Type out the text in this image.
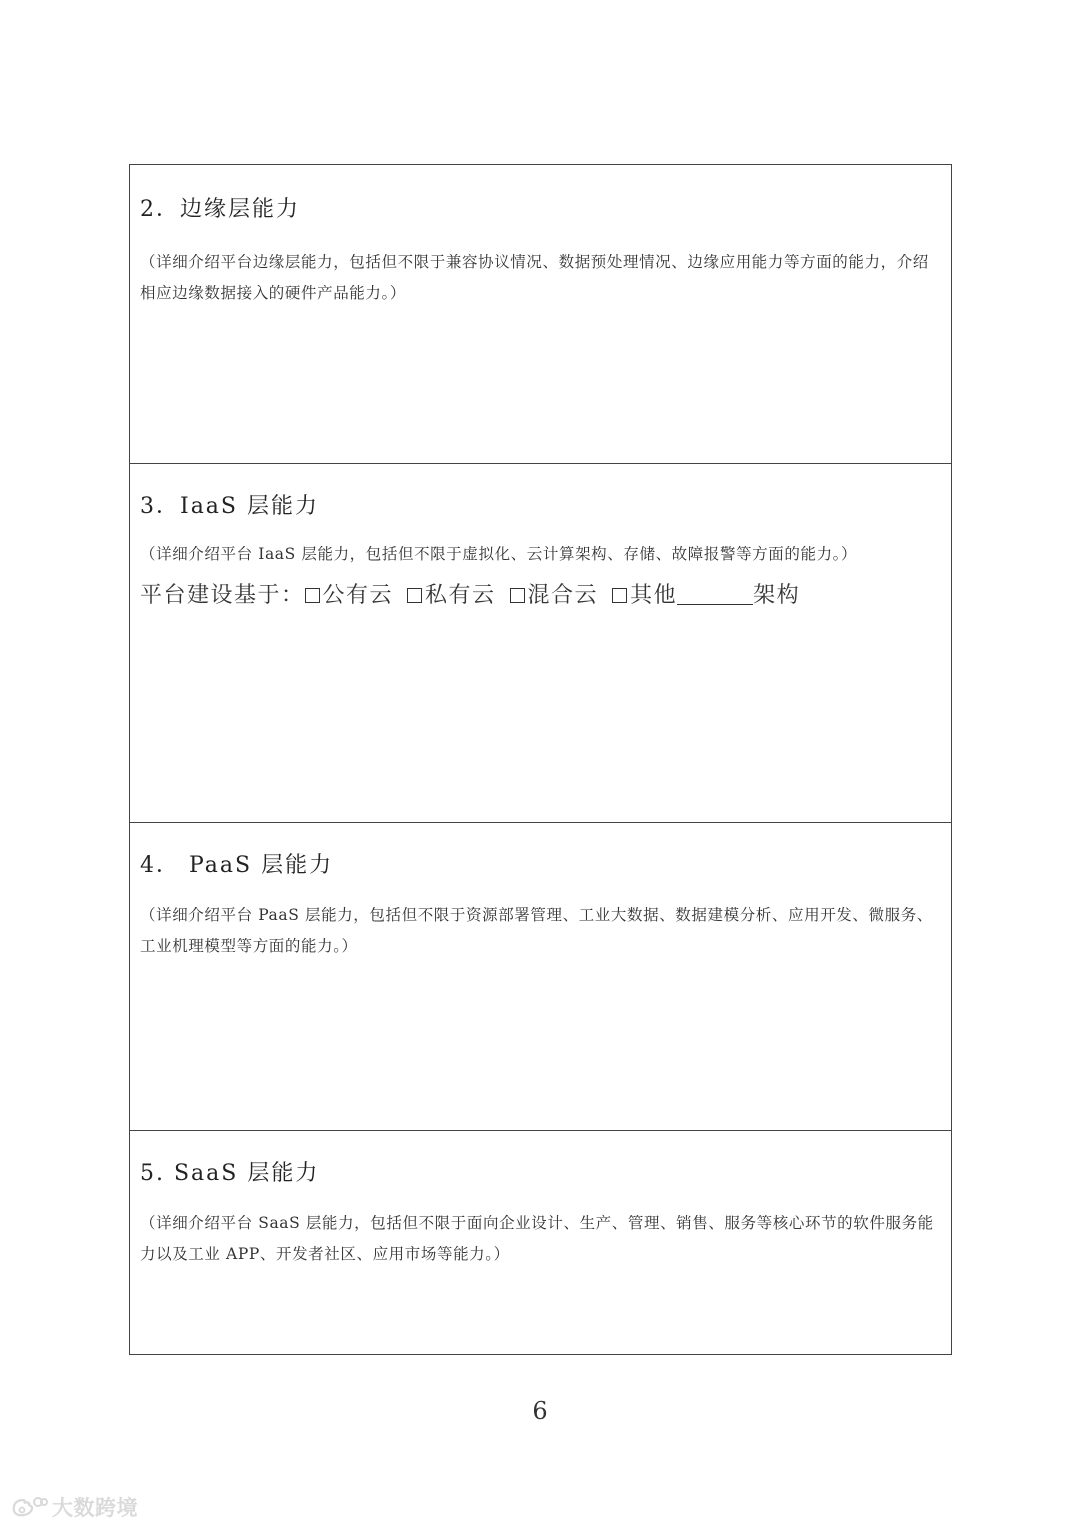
2．边缘层能力

（详细介绍平台边缘层能力，包括但不限于兼容协议情况、数据预处理情况、边缘应用能力等方面的能力，介绍相应边缘数据接入的硬件产品能力。）

3．IaaS 层能力

（详细介绍平台 IaaS 层能力，包括但不限于虚拟化、云计算架构、存储、故障报警等方面的能力。）

平台建设基于： 公有云 私有云 混合云 其他	架构

4． PaaS 层能力

（详细介绍平台 PaaS 层能力，包括但不限于资源部署管理、工业大数据、数据建模分析、应用开发、微服务、工业机理模型等方面的能力。）

5. SaaS 层能力

（详细介绍平台 SaaS 层能力，包括但不限于面向企业设计、生产、管理、销售、服务等核心环节的软件服务能力以及工业 APP、开发者社区、应用市场等能力。）

6
大数跨境
